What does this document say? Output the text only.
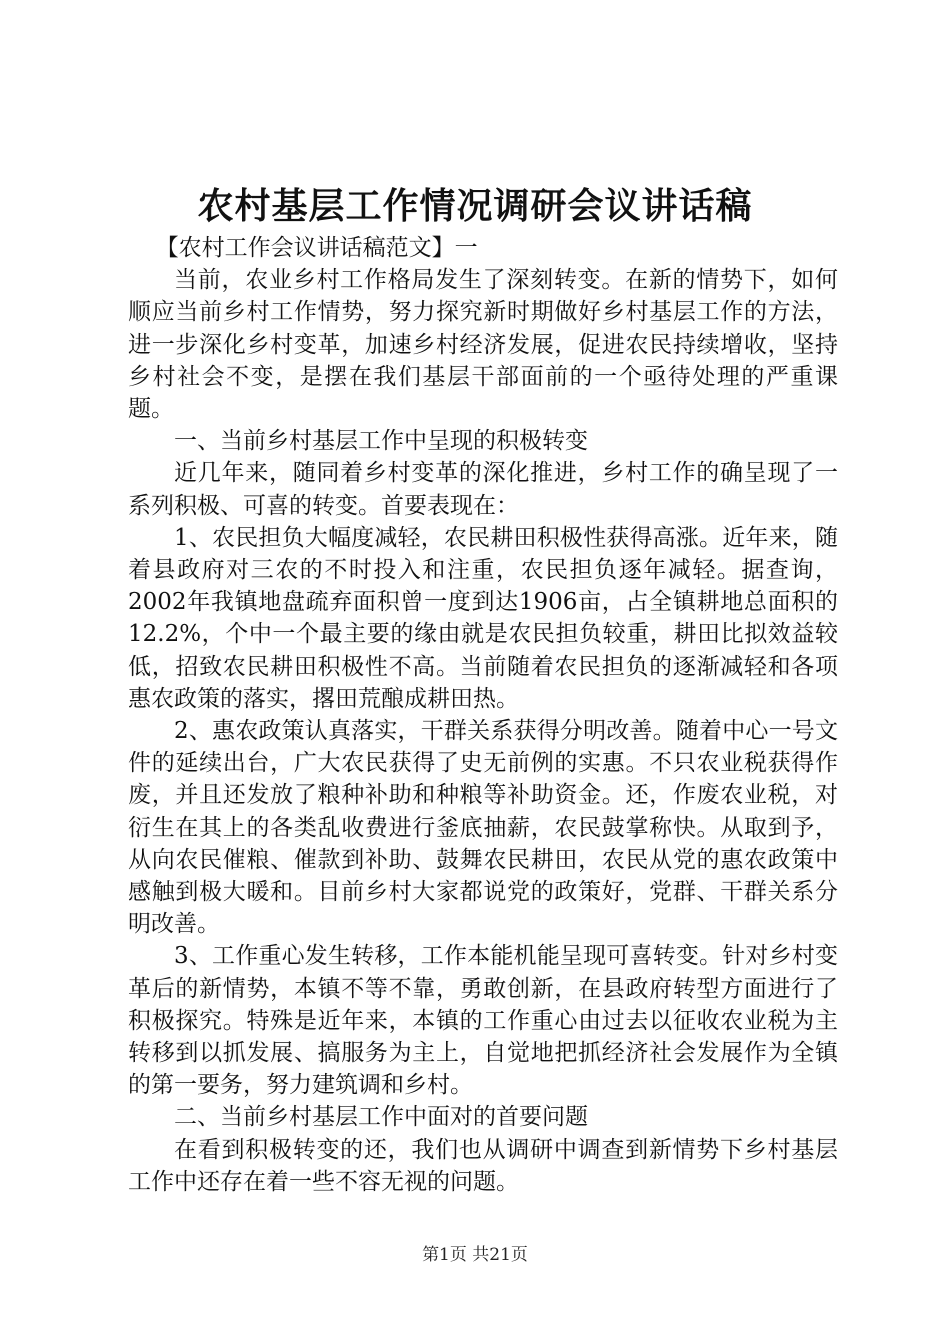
农村基层工作情况调研会议讲话稿

【农村工作会议讲话稿范文】一

当前，农业乡村工作格局发生了深刻转变。在新的情势下，如何顺应当前乡村工作情势，努力探究新时期做好乡村基层工作的方法，进一步深化乡村变革，加速乡村经济发展，促进农民持续增收，坚持乡村社会不变，是摆在我们基层干部面前的一个亟待处理的严重课题。

一、当前乡村基层工作中呈现的积极转变

近几年来，随同着乡村变革的深化推进，乡村工作的确呈现了一系列积极、可喜的转变。首要表现在：

1、农民担负大幅度减轻，农民耕田积极性获得高涨。近年来，随着县政府对三农的不时投入和注重，农民担负逐年减轻。据查询，2002年我镇地盘疏弃面积曾一度到达1906亩，占全镇耕地总面积的12.2%，个中一个最主要的缘由就是农民担负较重，耕田比拟效益较低，招致农民耕田积极性不高。当前随着农民担负的逐渐减轻和各项惠农政策的落实，撂田荒酿成耕田热。

2、惠农政策认真落实，干群关系获得分明改善。随着中心一号文件的延续出台，广大农民获得了史无前例的实惠。不只农业税获得作废，并且还发放了粮种补助和种粮等补助资金。还，作废农业税，对衍生在其上的各类乱收费进行釜底抽薪，农民鼓掌称快。从取到予，从向农民催粮、催款到补助、鼓舞农民耕田，农民从党的惠农政策中感触到极大暖和。目前乡村大家都说党的政策好，党群、干群关系分明改善。

3、工作重心发生转移，工作本能机能呈现可喜转变。针对乡村变革后的新情势，本镇不等不靠，勇敢创新，在县政府转型方面进行了积极探究。特殊是近年来，本镇的工作重心由过去以征收农业税为主转移到以抓发展、搞服务为主上，自觉地把抓经济社会发展作为全镇的第一要务，努力建筑调和乡村。

二、当前乡村基层工作中面对的首要问题

在看到积极转变的还，我们也从调研中调查到新情势下乡村基层工作中还存在着一些不容无视的问题。

第1页 共21页
